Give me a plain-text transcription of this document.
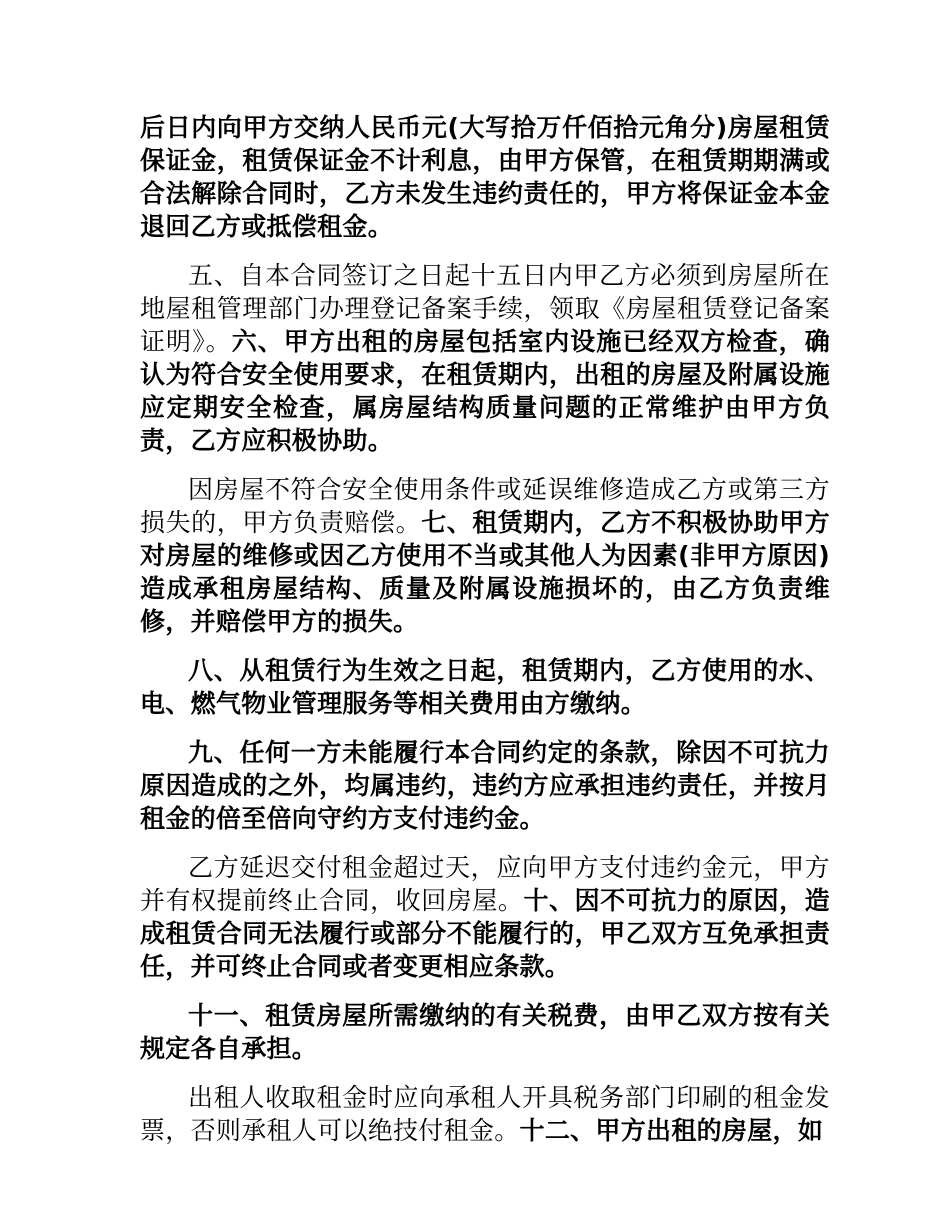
后日内向甲方交纳人民币元(大写拾万仟佰拾元角分)房屋租赁保证金，租赁保证金不计利息，由甲方保管，在租赁期期满或合法解除合同时，乙方未发生违约责任的，甲方将保证金本金退回乙方或抵偿租金。

五、自本合同签订之日起十五日内甲乙方必须到房屋所在地屋租管理部门办理登记备案手续，领取《房屋租赁登记备案证明》。六、甲方出租的房屋包括室内设施已经双方检查，确认为符合安全使用要求，在租赁期内，出租的房屋及附属设施应定期安全检查，属房屋结构质量问题的正常维护由甲方负责，乙方应积极协助。

因房屋不符合安全使用条件或延误维修造成乙方或第三方损失的，甲方负责赔偿。七、租赁期内，乙方不积极协助甲方对房屋的维修或因乙方使用不当或其他人为因素(非甲方原因)造成承租房屋结构、质量及附属设施损坏的，由乙方负责维修，并赔偿甲方的损失。

八、从租赁行为生效之日起，租赁期内，乙方使用的水、电、燃气物业管理服务等相关费用由方缴纳。

九、任何一方未能履行本合同约定的条款，除因不可抗力原因造成的之外，均属违约，违约方应承担违约责任，并按月租金的倍至倍向守约方支付违约金。

乙方延迟交付租金超过天，应向甲方支付违约金元，甲方并有权提前终止合同，收回房屋。十、因不可抗力的原因，造成租赁合同无法履行或部分不能履行的，甲乙双方互免承担责任，并可终止合同或者变更相应条款。

十一、租赁房屋所需缴纳的有关税费，由甲乙双方按有关规定各自承担。

出租人收取租金时应向承租人开具税务部门印刷的租金发票，否则承租人可以绝技付租金。十二、甲方出租的房屋，如
